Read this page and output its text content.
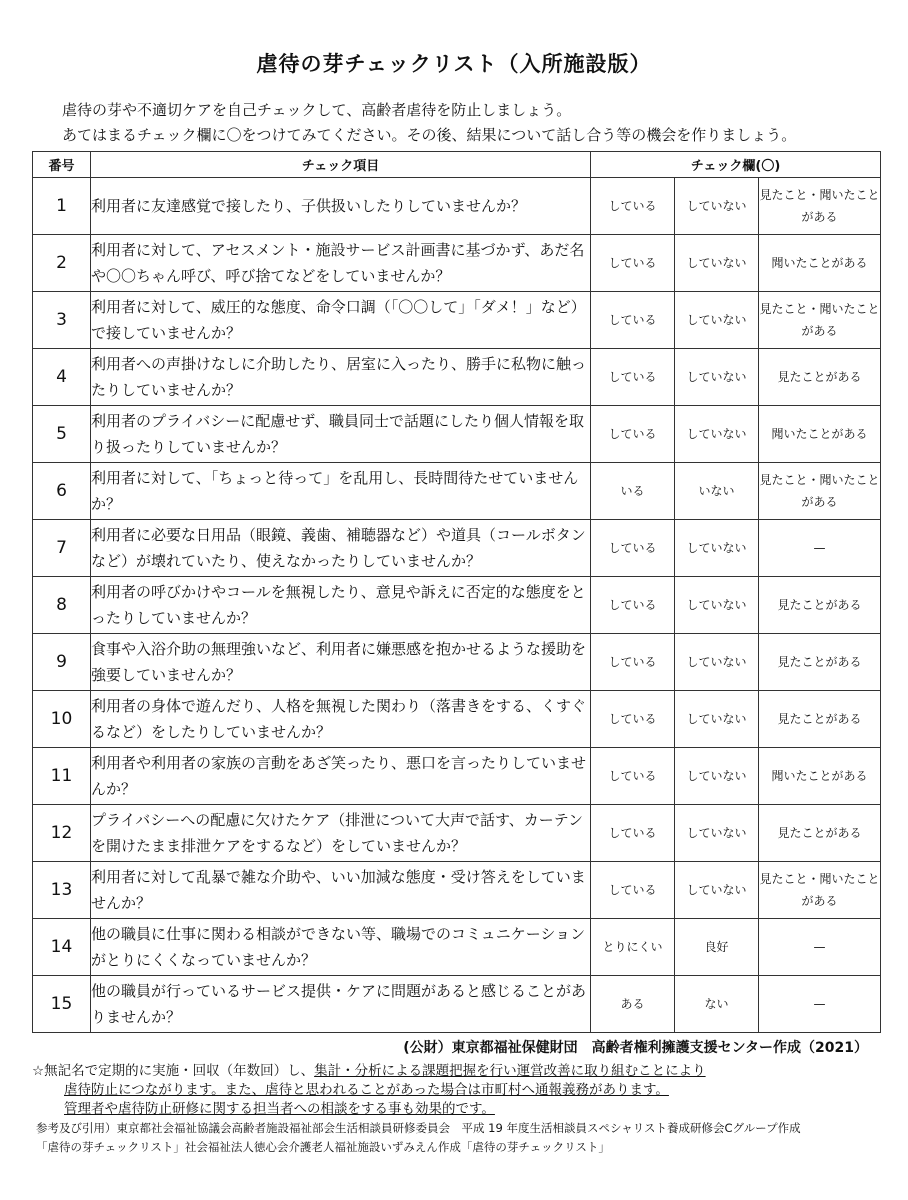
虐待の芽チェックリスト（入所施設版）
虐待の芽や不適切ケアを自己チェックして、高齢者虐待を防止しましょう。
あてはまるチェック欄に〇をつけてみてください。その後、結果について話し合う等の機会を作りましょう。
番号	チェック項目	チェック欄(〇)		
1	利用者に友達感覚で接したり、子供扱いしたりしていませんか？	している	していない	見たこと・聞いたことがある
2	利用者に対して、アセスメント・施設サービス計画書に基づかず、あだ名や〇〇ちゃん呼び、呼び捨てなどをしていませんか？	している	していない	聞いたことがある
3	利用者に対して、威圧的な態度、命令口調（「〇〇して」「ダメ！」など）で接していませんか？	している	していない	見たこと・聞いたことがある
4	利用者への声掛けなしに介助したり、居室に入ったり、勝手に私物に触ったりしていませんか？	している	していない	見たことがある
5	利用者のプライバシーに配慮せず、職員同士で話題にしたり個人情報を取り扱ったりしていませんか？	している	していない	聞いたことがある
6	利用者に対して、「ちょっと待って」を乱用し、長時間待たせていませんか？	いる	いない	見たこと・聞いたことがある
7	利用者に必要な日用品（眼鏡、義歯、補聴器など）や道具（コールボタンなど）が壊れていたり、使えなかったりしていませんか？	している	していない	—
8	利用者の呼びかけやコールを無視したり、意見や訴えに否定的な態度をとったりしていませんか？	している	していない	見たことがある
9	食事や入浴介助の無理強いなど、利用者に嫌悪感を抱かせるような援助を強要していませんか？	している	していない	見たことがある
10	利用者の身体で遊んだり、人格を無視した関わり（落書きをする、くすぐるなど）をしたりしていませんか？	している	していない	見たことがある
11	利用者や利用者の家族の言動をあざ笑ったり、悪口を言ったりしていませんか？	している	していない	聞いたことがある
12	プライバシーへの配慮に欠けたケア（排泄について大声で話す、カーテンを開けたまま排泄ケアをするなど）をしていませんか？	している	していない	見たことがある
13	利用者に対して乱暴で雑な介助や、いい加減な態度・受け答えをしていませんか？	している	していない	見たこと・聞いたことがある
14	他の職員に仕事に関わる相談ができない等、職場でのコミュニケーションがとりにくくなっていませんか？	とりにくい	良好	—
15	他の職員が行っているサービス提供・ケアに問題があると感じることがありませんか？	ある	ない	—
(公財）東京都福祉保健財団　高齢者権利擁護支援センター作成（2021）
☆無記名で定期的に実施・回収（年数回）し、集計・分析による課題把握を行い運営改善に取り組むことにより
虐待防止につながります。また、虐待と思われることがあった場合は市町村へ通報義務があります。
管理者や虐待防止研修に関する担当者への相談をする事も効果的です。
参考及び引用）東京都社会福祉協議会高齢者施設福祉部会生活相談員研修委員会　平成 19 年度生活相談員スペシャリスト養成研修会Cグループ作成
「虐待の芽チェックリスト」社会福祉法人徳心会介護老人福祉施設いずみえん作成「虐待の芽チェックリスト」
